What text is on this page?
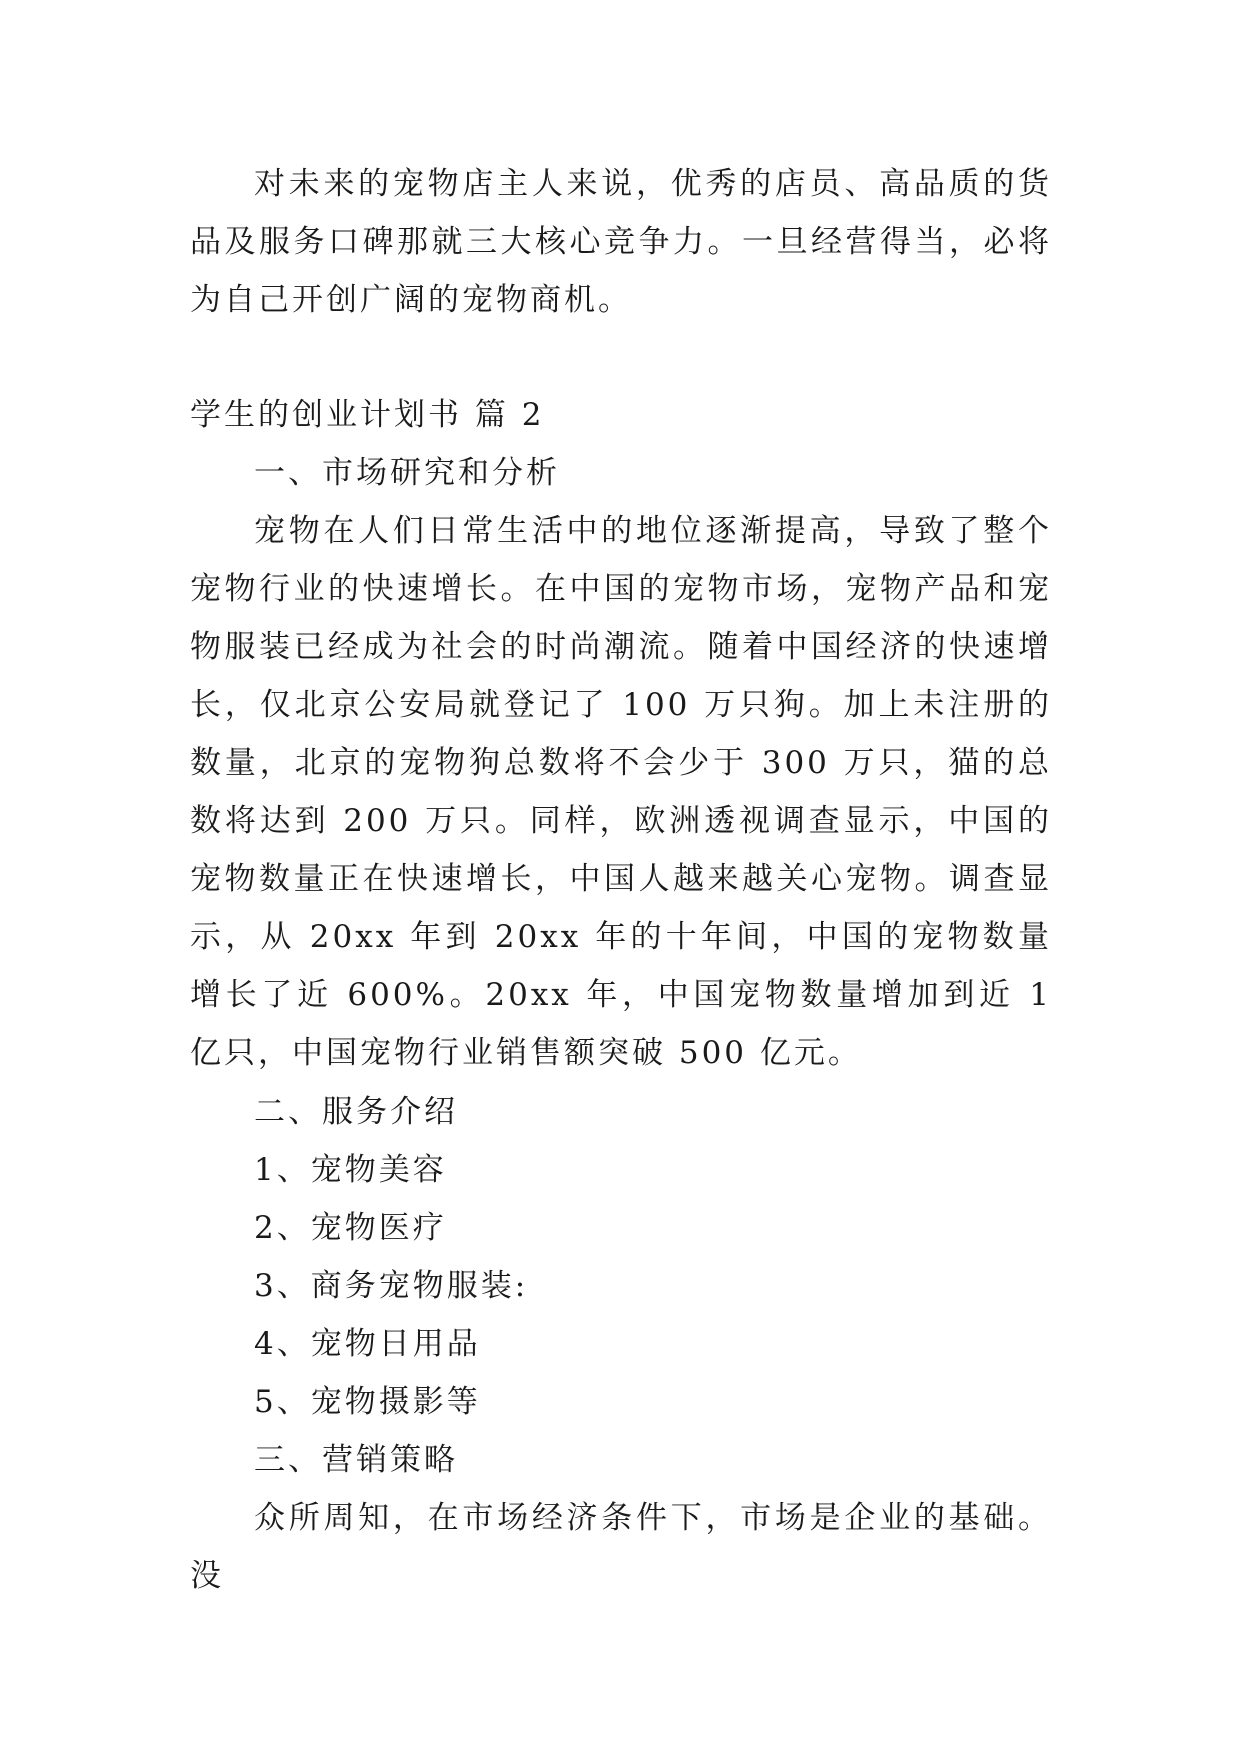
对未来的宠物店主人来说，优秀的店员、高品质的货品及服务口碑那就三大核心竞争力。一旦经营得当，必将为自己开创广阔的宠物商机。

学生的创业计划书 篇 2

一、市场研究和分析

宠物在人们日常生活中的地位逐渐提高，导致了整个宠物行业的快速增长。在中国的宠物市场，宠物产品和宠物服装已经成为社会的时尚潮流。随着中国经济的快速增长，仅北京公安局就登记了 100 万只狗。加上未注册的数量，北京的宠物狗总数将不会少于 300 万只，猫的总数将达到 200 万只。同样，欧洲透视调查显示，中国的宠物数量正在快速增长，中国人越来越关心宠物。调查显示，从 20xx 年到 20xx 年的十年间，中国的宠物数量增长了近 600%。20xx 年，中国宠物数量增加到近 1 亿只，中国宠物行业销售额突破 500 亿元。

二、服务介绍

1、宠物美容

2、宠物医疗

3、商务宠物服装:

4、宠物日用品

5、宠物摄影等

三、营销策略

众所周知，在市场经济条件下，市场是企业的基础。没
